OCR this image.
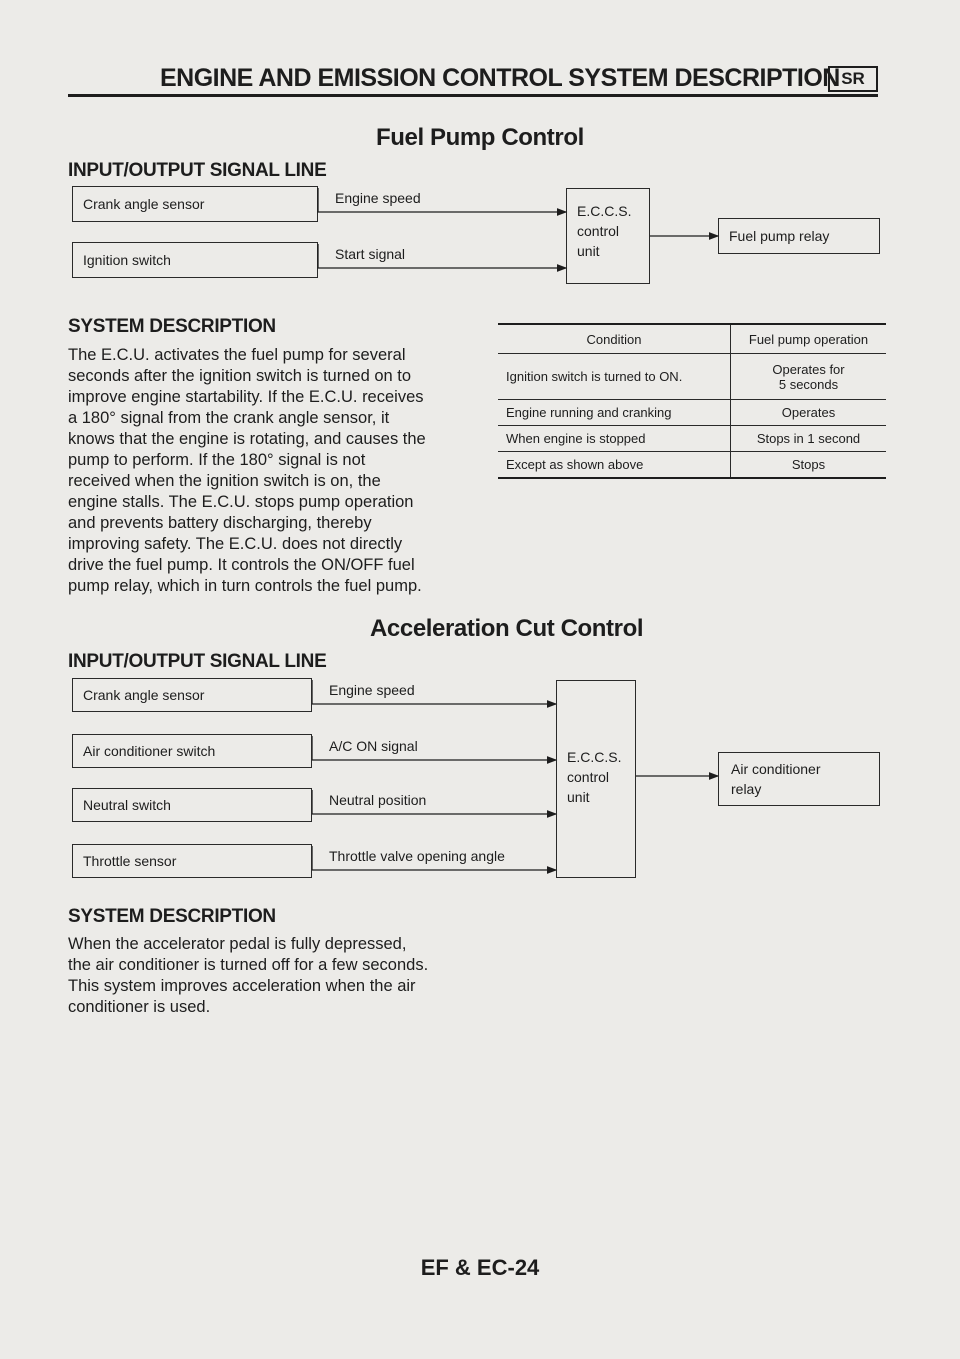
ENGINE AND EMISSION CONTROL SYSTEM DESCRIPTION SR
Fuel Pump Control
INPUT/OUTPUT SIGNAL LINE
Crank angle sensor
Ignition switch
Engine speed
Start signal
E.C.C.S.
control
unit
Fuel pump relay
SYSTEM DESCRIPTION
The E.C.U. activates the fuel pump for several
seconds after the ignition switch is turned on to
improve engine startability. If the E.C.U. receives
a 180° signal from the crank angle sensor, it
knows that the engine is rotating, and causes the
pump to perform. If the 180° signal is not
received when the ignition switch is on, the
engine stalls. The E.C.U. stops pump operation
and prevents battery discharging, thereby
improving safety. The E.C.U. does not directly
drive the fuel pump. It controls the ON/OFF fuel
pump relay, which in turn controls the fuel pump.
Condition	Fuel pump operation
Ignition switch is turned to ON.	Operates for
5 seconds

Engine running and cranking	Operates
When engine is stopped	Stops in 1 second
Except as shown above	Stops
Acceleration Cut Control
INPUT/OUTPUT SIGNAL LINE
Crank angle sensor
Air conditioner switch
Neutral switch
Throttle sensor
Engine speed
A/C ON signal
Neutral position
Throttle valve opening angle
E.C.C.S.
control
unit
Air conditioner
relay
SYSTEM DESCRIPTION
When the accelerator pedal is fully depressed,
the air conditioner is turned off for a few seconds.
This system improves acceleration when the air
conditioner is used.
EF & EC-24
